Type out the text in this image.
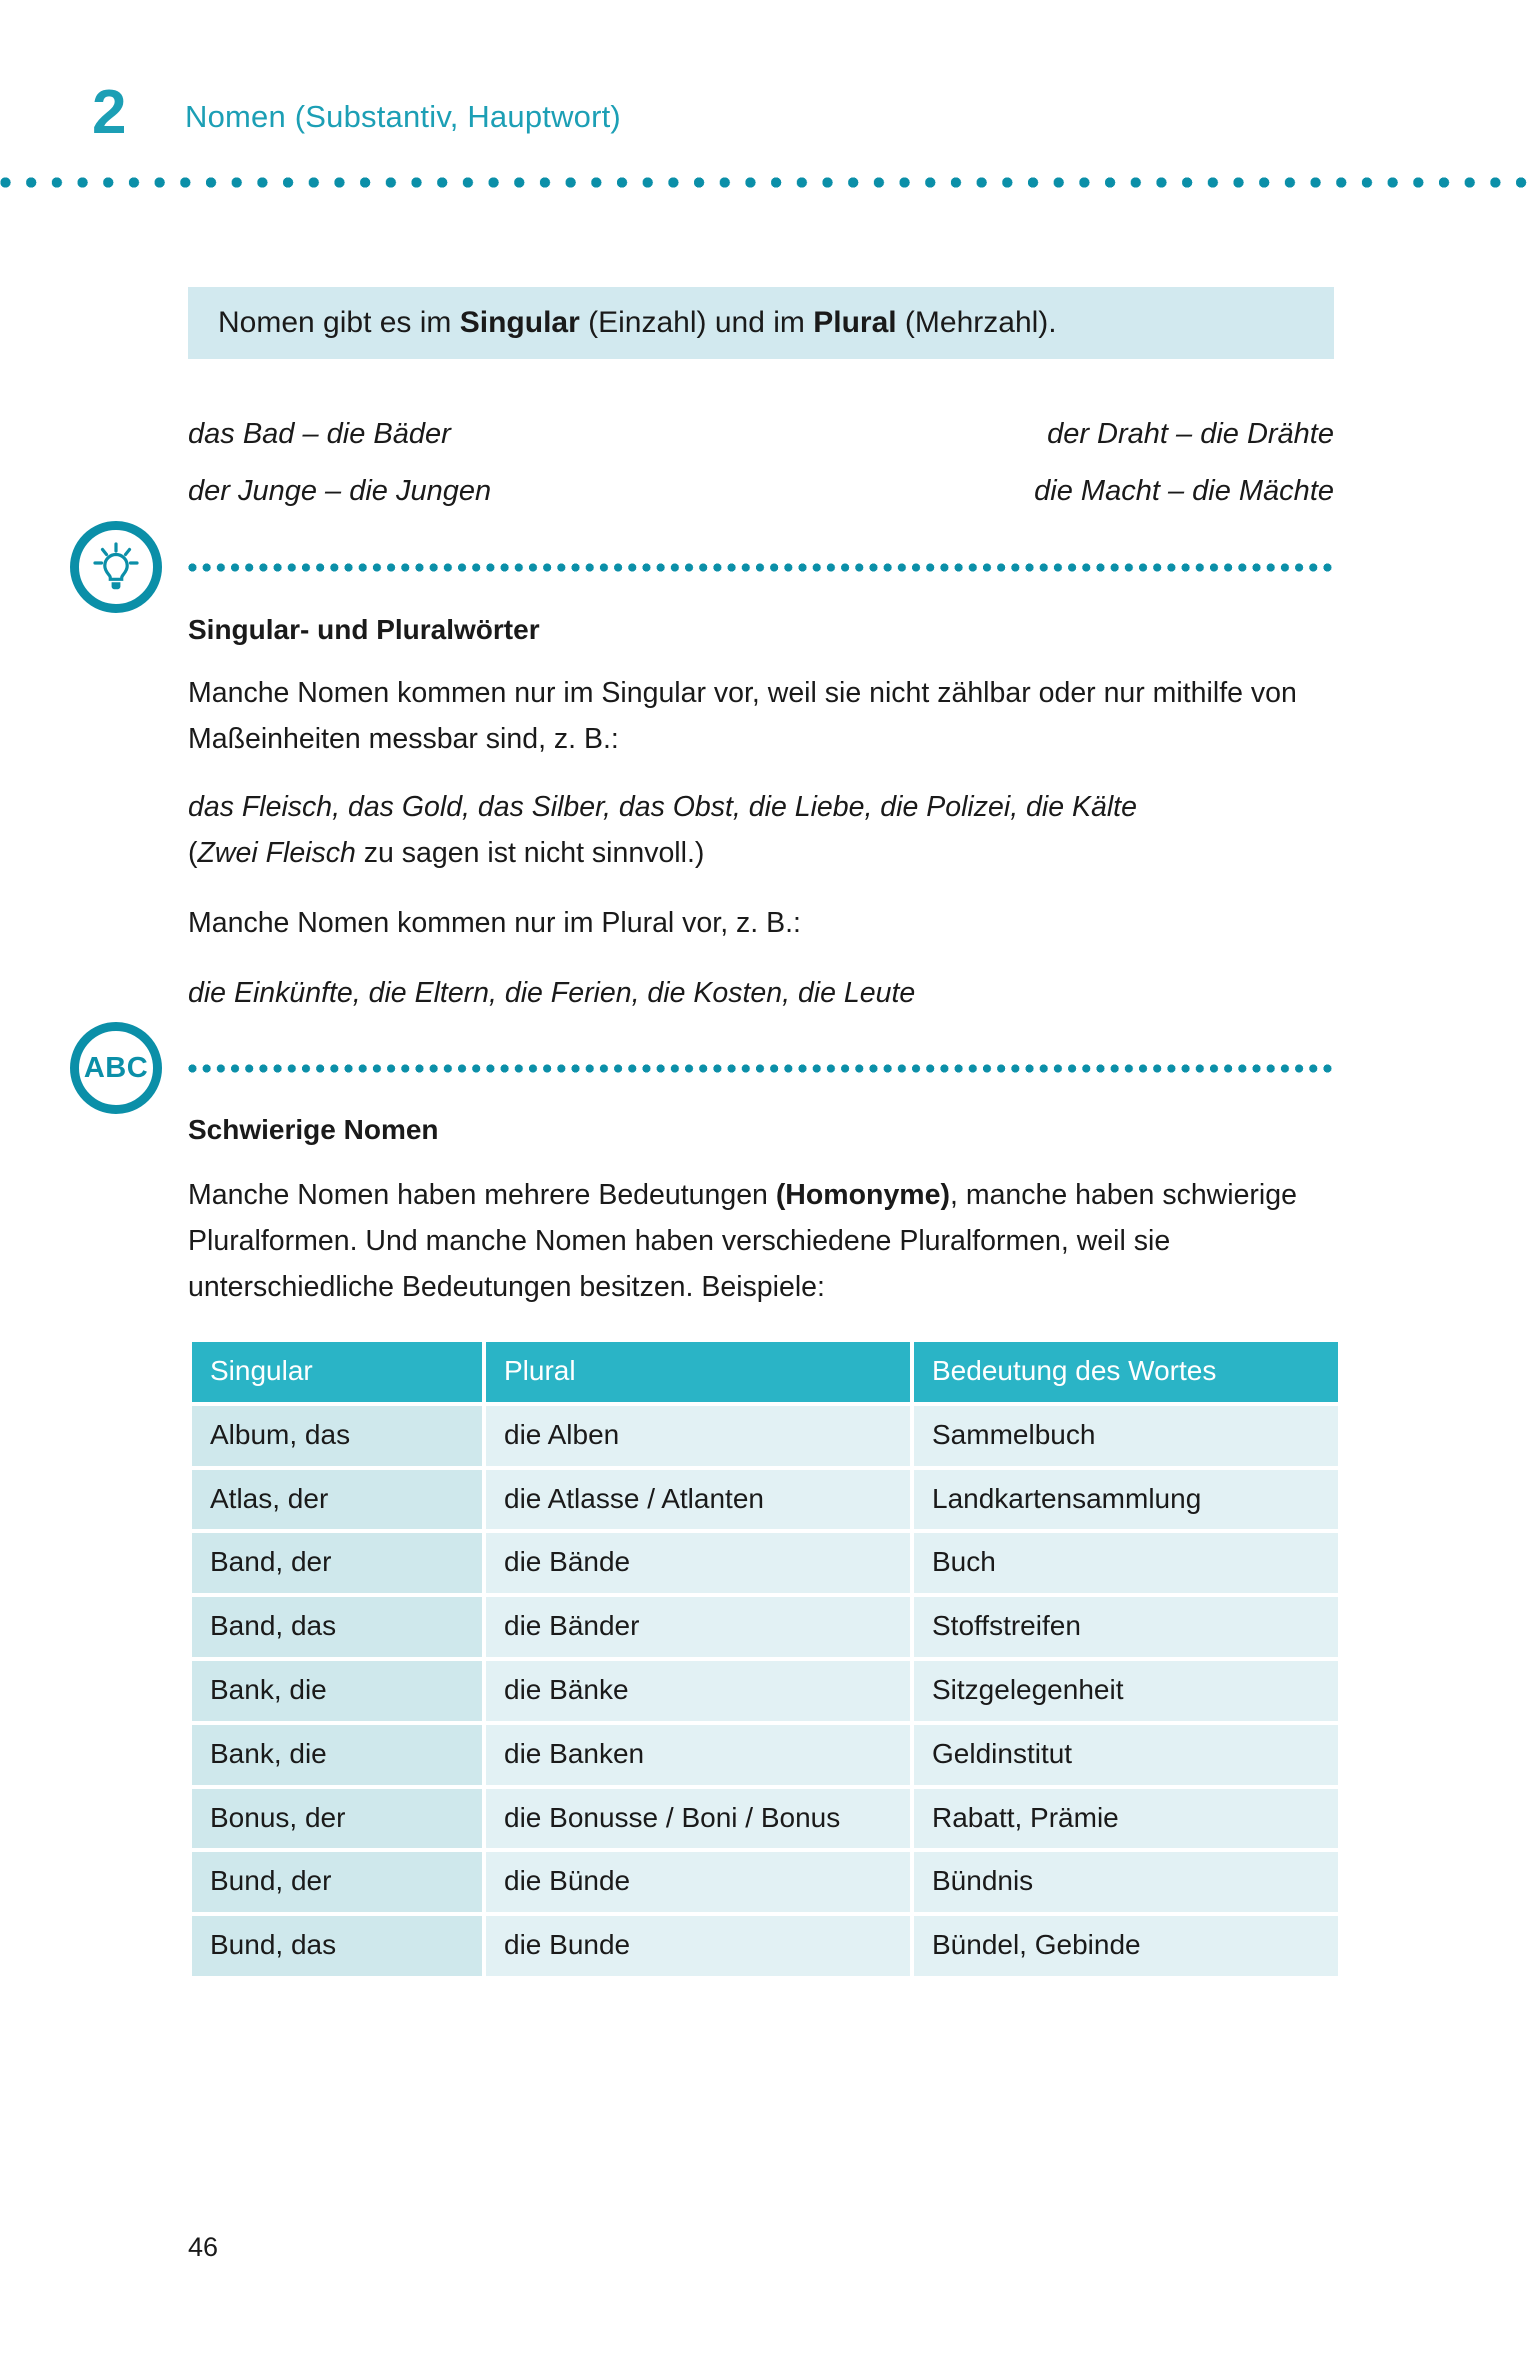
2 Nomen (Substantiv, Hauptwort)
Nomen gibt es im Singular (Einzahl) und im Plural (Mehrzahl).
das Bad – die Bäder	der Draht – die Drähte
der Junge – die Jungen	die Macht – die Mächte
Singular- und Pluralwörter
Manche Nomen kommen nur im Singular vor, weil sie nicht zählbar oder nur mithilfe von Maßeinheiten messbar sind, z. B.:
das Fleisch, das Gold, das Silber, das Obst, die Liebe, die Polizei, die Kälte
(Zwei Fleisch zu sagen ist nicht sinnvoll.)
Manche Nomen kommen nur im Plural vor, z. B.:
die Einkünfte, die Eltern, die Ferien, die Kosten, die Leute
ABC
Schwierige Nomen
Manche Nomen haben mehrere Bedeutungen (Homonyme), manche haben schwierige Pluralformen. Und manche Nomen haben verschiedene Pluralformen, weil sie unterschiedliche Bedeutungen besitzen. Beispiele:
Singular	Plural	Bedeutung des Wortes
Album, das	die Alben	Sammelbuch
Atlas, der	die Atlasse / Atlanten	Landkartensammlung
Band, der	die Bände	Buch
Band, das	die Bänder	Stoffstreifen
Bank, die	die Bänke	Sitzgelegenheit
Bank, die	die Banken	Geldinstitut
Bonus, der	die Bonusse / Boni / Bonus	Rabatt, Prämie
Bund, der	die Bünde	Bündnis
Bund, das	die Bunde	Bündel, Gebinde
46
